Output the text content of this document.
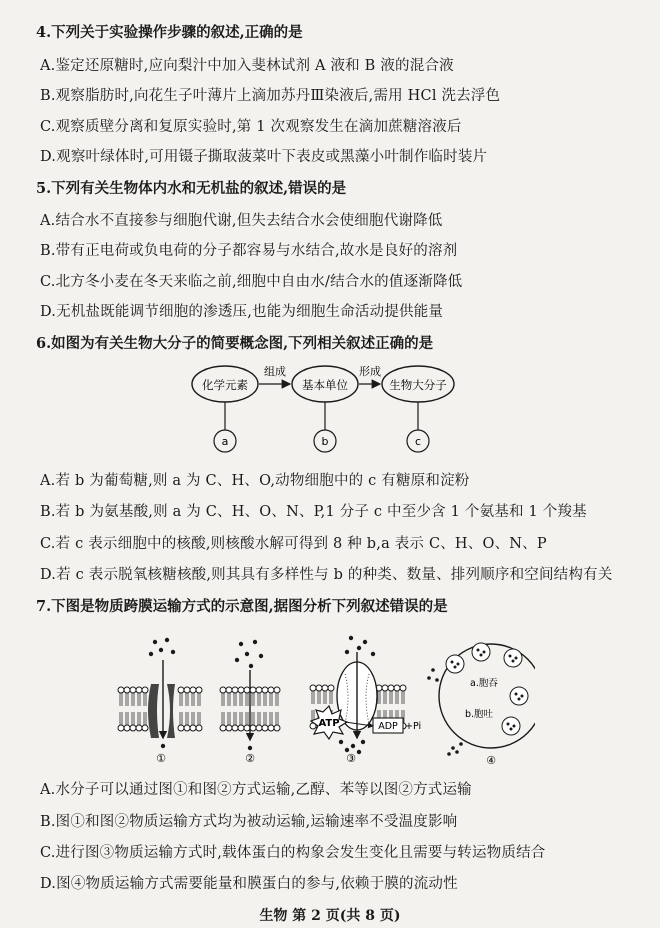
4.下列关于实验操作步骤的叙述,正确的是
A.鉴定还原糖时,应向梨汁中加入斐林试剂 A 液和 B 液的混合液
B.观察脂肪时,向花生子叶薄片上滴加苏丹Ⅲ染液后,需用 HCl 洗去浮色
C.观察质壁分离和复原实验时,第 1 次观察发生在滴加蔗糖溶液后
D.观察叶绿体时,可用镊子撕取菠菜叶下表皮或黑藻小叶制作临时装片
5.下列有关生物体内水和无机盐的叙述,错误的是
A.结合水不直接参与细胞代谢,但失去结合水会使细胞代谢降低
B.带有正电荷或负电荷的分子都容易与水结合,故水是良好的溶剂
C.北方冬小麦在冬天来临之前,细胞中自由水/结合水的值逐渐降低
D.无机盐既能调节细胞的渗透压,也能为细胞生命活动提供能量
6.如图为有关生物大分子的简要概念图,下列相关叙述正确的是
化学元素	基本单位	生物大分子
组成	形成
a	b	c
A.若 b 为葡萄糖,则 a 为 C、H、O,动物细胞中的 c 有糖原和淀粉
B.若 b 为氨基酸,则 a 为 C、H、O、N、P,1 分子 c 中至少含 1 个氨基和 1 个羧基
C.若 c 表示细胞中的核酸,则核酸水解可得到 8 种 b,a 表示 C、H、O、N、P
D.若 c 表示脱氧核糖核酸,则其具有多样性与 b 的种类、数量、排列顺序和空间结构有关
7.下图是物质跨膜运输方式的示意图,据图分析下列叙述错误的是
ATP	ADP +Pi
①	②	③	④
a.胞吞
b.胞吐
A.水分子可以通过图①和图②方式运输,乙醇、苯等以图②方式运输
B.图①和图②物质运输方式均为被动运输,运输速率不受温度影响
C.进行图③物质运输方式时,载体蛋白的构象会发生变化且需要与转运物质结合
D.图④物质运输方式需要能量和膜蛋白的参与,依赖于膜的流动性
生物 第 2 页(共 8 页)
